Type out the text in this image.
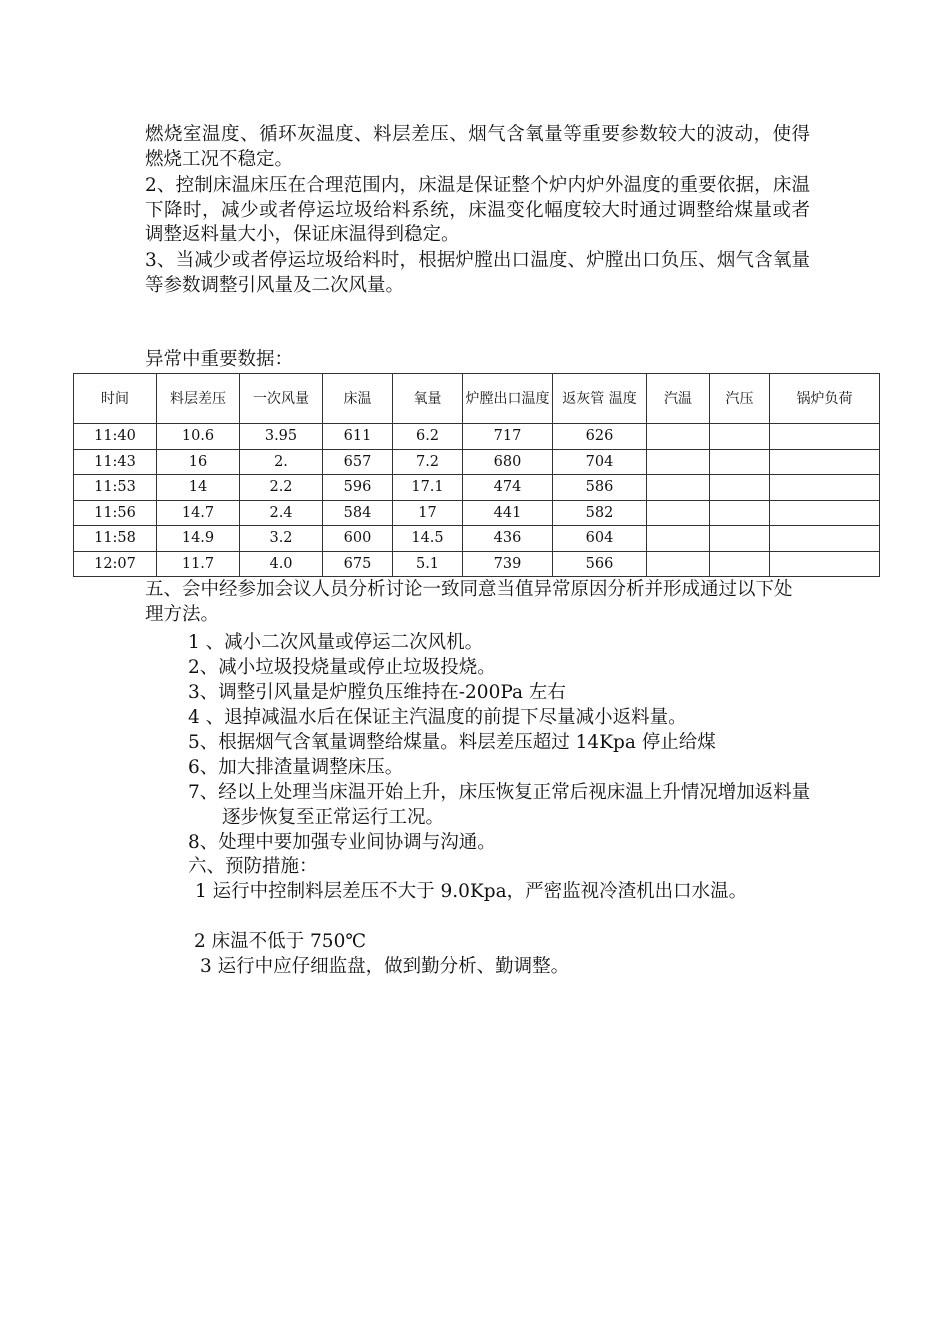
燃烧室温度、循环灰温度、料层差压、烟气含氧量等重要参数较大的波动，使得燃烧工况不稳定。

2、控制床温床压在合理范围内，床温是保证整个炉内炉外温度的重要依据，床温下降时，减少或者停运垃圾给料系统，床温变化幅度较大时通过调整给煤量或者调整返料量大小，保证床温得到稳定。

3、当减少或者停运垃圾给料时，根据炉膛出口温度、炉膛出口负压、烟气含氧量等参数调整引风量及二次风量。

异常中重要数据：

时间	料层差压	一次风量	床温	氧量	炉膛出口温度	返灰管 温度	汽温	汽压	锅炉负荷
11:40	10.6	3.95	611	6.2	717	626			
11:43	16	2.	657	7.2	680	704			
11:53	14	2.2	596	17.1	474	586			
11:56	14.7	2.4	584	17	441	582			
11:58	14.9	3.2	600	14.5	436	604			
12:07	11.7	4.0	675	5.1	739	566			

五、会中经参加会议人员分析讨论一致同意当值异常原因分析并形成通过以下处理方法。

1 、减小二次风量或停运二次风机。
2、减小垃圾投烧量或停止垃圾投烧。
3、调整引风量是炉膛负压维持在-200Pa 左右
4 、退掉减温水后在保证主汽温度的前提下尽量减小返料量。
5、根据烟气含氧量调整给煤量。料层差压超过 14Kpa 停止给煤
6、加大排渣量调整床压。
7、经以上处理当床温开始上升，床压恢复正常后视床温上升情况增加返料量逐步恢复至正常运行工况。
8、处理中要加强专业间协调与沟通。

六、预防措施：

1 运行中控制料层差压不大于 9.0Kpa，严密监视冷渣机出口水温。

2 床温不低于 750℃

3 运行中应仔细监盘，做到勤分析、勤调整。
